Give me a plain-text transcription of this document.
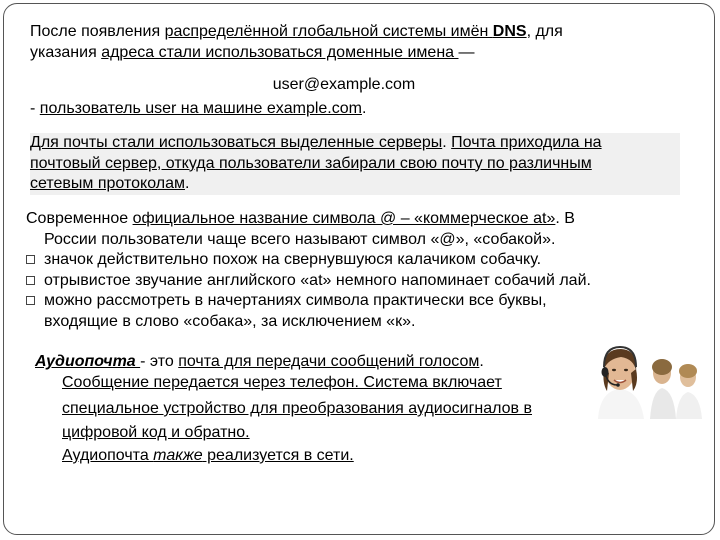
После появления распределённой глобальной системы имён DNS, для
указания адреса стали использоваться доменные имена —
user@example.com
- пользователь user на машине example.com.
Для почты стали использоваться выделенные серверы. Почта приходила на
почтовый сервер, откуда пользователи забирали свою почту по различным
сетевым протоколам.
Современное официальное название символа @ – «коммерческое at». В
России пользователи чаще всего называют символ «@», «собакой».
значок действительно похож на свернувшуюся калачиком собачку.
отрывистое звучание английского «at» немного напоминает собачий лай.
можно рассмотреть в начертаниях символа практически все буквы,
входящие в слово «собака», за исключением «к».
Аудиопочта - это почта для передачи сообщений голосом.
Сообщение передается через телефон. Система включает
специальное устройство для преобразования аудиосигналов в
цифровой код и обратно.
Аудиопочта также реализуется в сети.
